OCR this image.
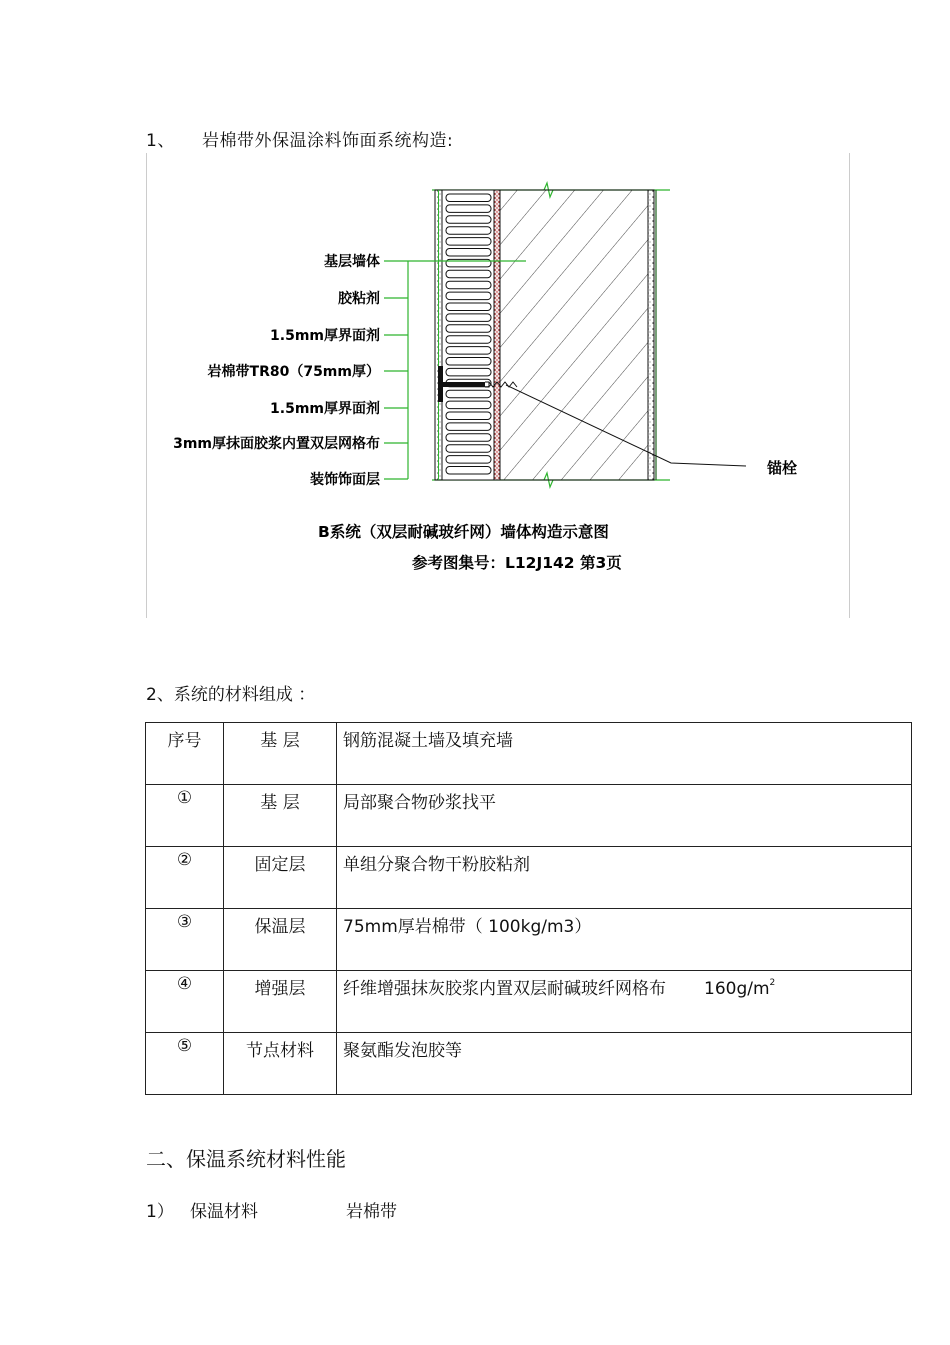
1、 岩棉带外保温涂料饰面系统构造:
锚栓
基层墙体
胶粘剂
1.5mm厚界面剂
岩棉带TR80（75mm厚）
1.5mm厚界面剂
3mm厚抹面胶浆内置双层网格布
装饰饰面层
B系统（双层耐碱玻纤网）墙体构造示意图
参考图集号：L12J142 第3页
2、系统的材料组成 ：
序号	基 层	钢筋混凝土墙及填充墙
①	基 层	局部聚合物砂浆找平
②	固定层	单组分聚合物干粉胶粘剂
③	保温层	75mm厚岩棉带（ 100kg/m3）
④	增强层	纤维增强抹灰胶浆内置双层耐碱玻纤网格布 $160g/m^2$
⑤	节点材料	聚氨酯发泡胶等
二、保温系统材料性能
1） 保温材料	岩棉带
